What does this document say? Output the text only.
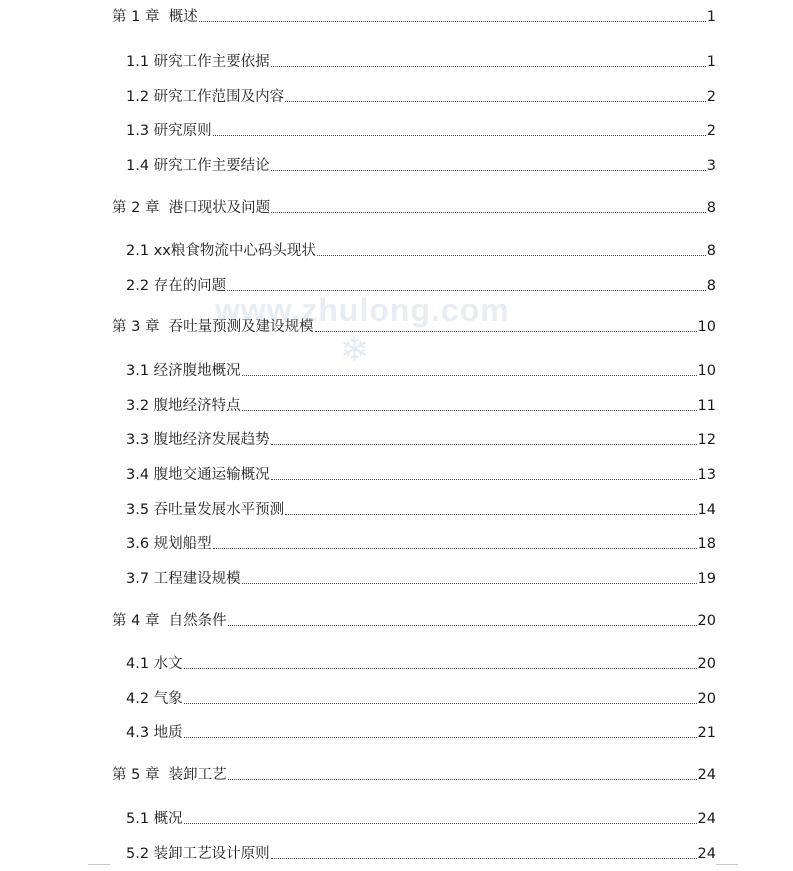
www.zhulong.com
❄
第 1 章  概述	1
1.1 研究工作主要依据	1
1.2 研究工作范围及内容	2
1.3 研究原则	2
1.4 研究工作主要结论	3
第 2 章  港口现状及问题	8
2.1 xx粮食物流中心码头现状	8
2.2 存在的问题	8
第 3 章  吞吐量预测及建设规模	10
3.1 经济腹地概况	10
3.2 腹地经济特点	11
3.3 腹地经济发展趋势	12
3.4 腹地交通运输概况	13
3.5 吞吐量发展水平预测	14
3.6 规划船型	18
3.7 工程建设规模	19
第 4 章  自然条件	20
4.1 水文	20
4.2 气象	20
4.3 地质	21
第 5 章  装卸工艺	24
5.1 概况	24
5.2 装卸工艺设计原则	24
